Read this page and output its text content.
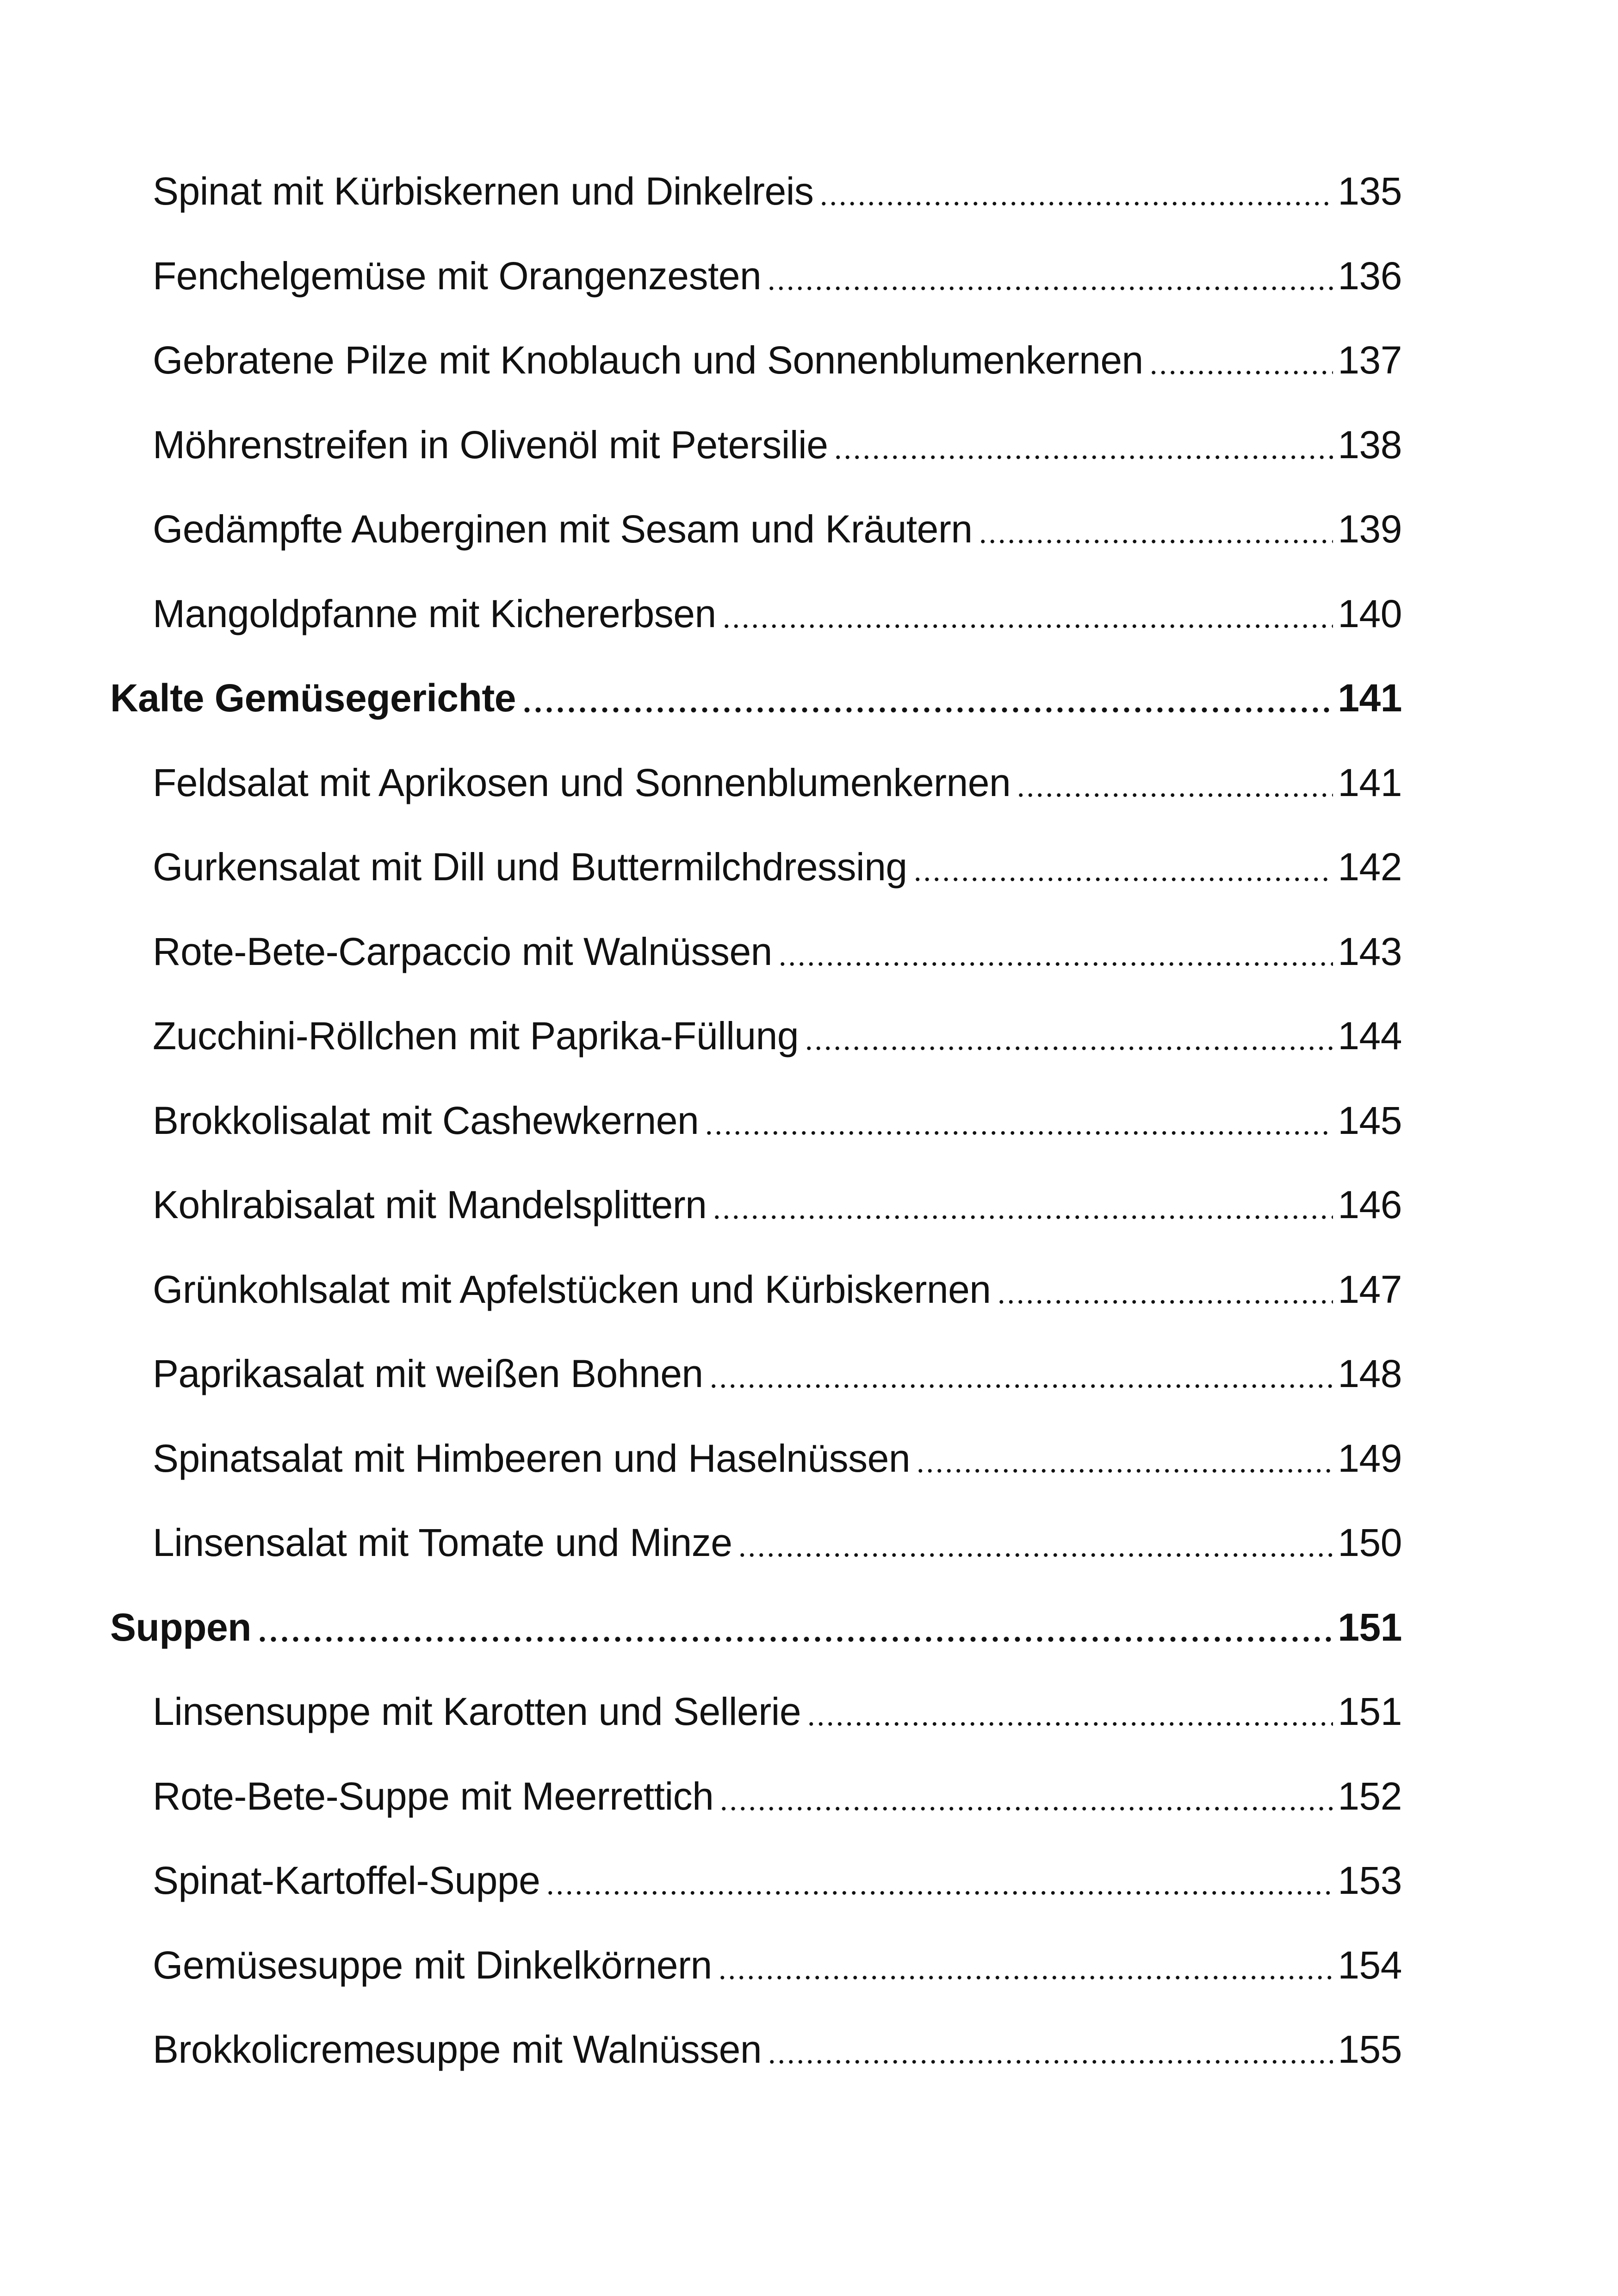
Spinat mit Kürbiskernen und Dinkelreis	135
Fenchelgemüse mit Orangenzesten	136
Gebratene Pilze mit Knoblauch und Sonnenblumenkernen	137
Möhrenstreifen in Olivenöl mit Petersilie	138
Gedämpfte Auberginen mit Sesam und Kräutern	139
Mangoldpfanne mit Kichererbsen	140
Kalte Gemüsegerichte	141
Feldsalat mit Aprikosen und Sonnenblumenkernen	141
Gurkensalat mit Dill und Buttermilchdressing	142
Rote-Bete-Carpaccio mit Walnüssen	143
Zucchini-Röllchen mit Paprika-Füllung	144
Brokkolisalat mit Cashewkernen	145
Kohlrabisalat mit Mandelsplittern	146
Grünkohlsalat mit Apfelstücken und Kürbiskernen	147
Paprikasalat mit weißen Bohnen	148
Spinatsalat mit Himbeeren und Haselnüssen	149
Linsensalat mit Tomate und Minze	150
Suppen	151
Linsensuppe mit Karotten und Sellerie	151
Rote-Bete-Suppe mit Meerrettich	152
Spinat-Kartoffel-Suppe	153
Gemüsesuppe mit Dinkelkörnern	154
Brokkolicremesuppe mit Walnüssen	155
